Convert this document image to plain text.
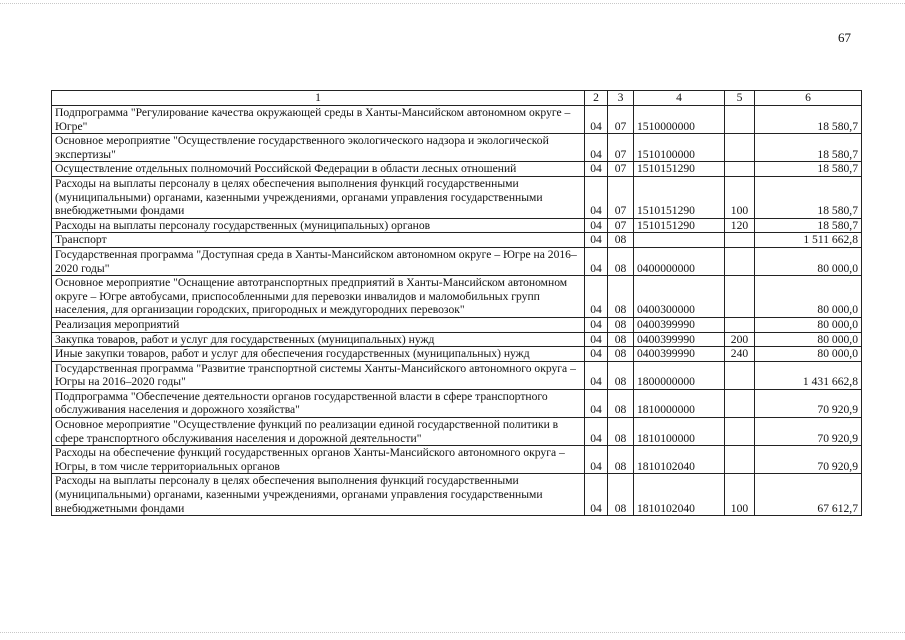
67
1	2	3	4	5	6
Подпрограмма "Регулирование качества окружающей среды в Ханты-Мансийском автономном округе – Югре"	04	07	1510000000		18 580,7
Основное мероприятие "Осуществление государственного экологического надзора и экологической экспертизы"	04	07	1510100000		18 580,7
Осуществление отдельных полномочий Российской Федерации в области лесных отношений	04	07	1510151290		18 580,7
Расходы на выплаты персоналу в целях обеспечения выполнения функций государственными (муниципальными) органами, казенными учреждениями, органами управления государственными внебюджетными фондами	04	07	1510151290	100	18 580,7
Расходы на выплаты персоналу государственных (муниципальных) органов	04	07	1510151290	120	18 580,7
Транспорт	04	08			1 511 662,8
Государственная программа "Доступная среда в Ханты-Мансийском автономном округе – Югре на 2016–2020 годы"	04	08	0400000000		80 000,0
Основное мероприятие "Оснащение автотранспортных предприятий в Ханты-Мансийском автономном округе – Югре автобусами, приспособленными для перевозки инвалидов и маломобильных групп населения, для организации городских, пригородных и междугородних перевозок"	04	08	0400300000		80 000,0
Реализация мероприятий	04	08	0400399990		80 000,0
Закупка товаров, работ и услуг для государственных (муниципальных) нужд	04	08	0400399990	200	80 000,0
Иные закупки товаров, работ и услуг для обеспечения государственных (муниципальных) нужд	04	08	0400399990	240	80 000,0
Государственная программа "Развитие транспортной системы Ханты-Мансийского автономного округа – Югры на 2016–2020 годы"	04	08	1800000000		1 431 662,8
Подпрограмма "Обеспечение деятельности органов государственной власти в сфере транспортного обслуживания населения и дорожного хозяйства"	04	08	1810000000		70 920,9
Основное мероприятие "Осуществление функций по реализации единой государственной политики в сфере транспортного обслуживания населения и дорожной деятельности"	04	08	1810100000		70 920,9
Расходы на обеспечение функций государственных органов Ханты-Мансийского автономного округа – Югры, в том числе территориальных органов	04	08	1810102040		70 920,9
Расходы на выплаты персоналу в целях обеспечения выполнения функций государственными (муниципальными) органами, казенными учреждениями, органами управления государственными внебюджетными фондами	04	08	1810102040	100	67 612,7
